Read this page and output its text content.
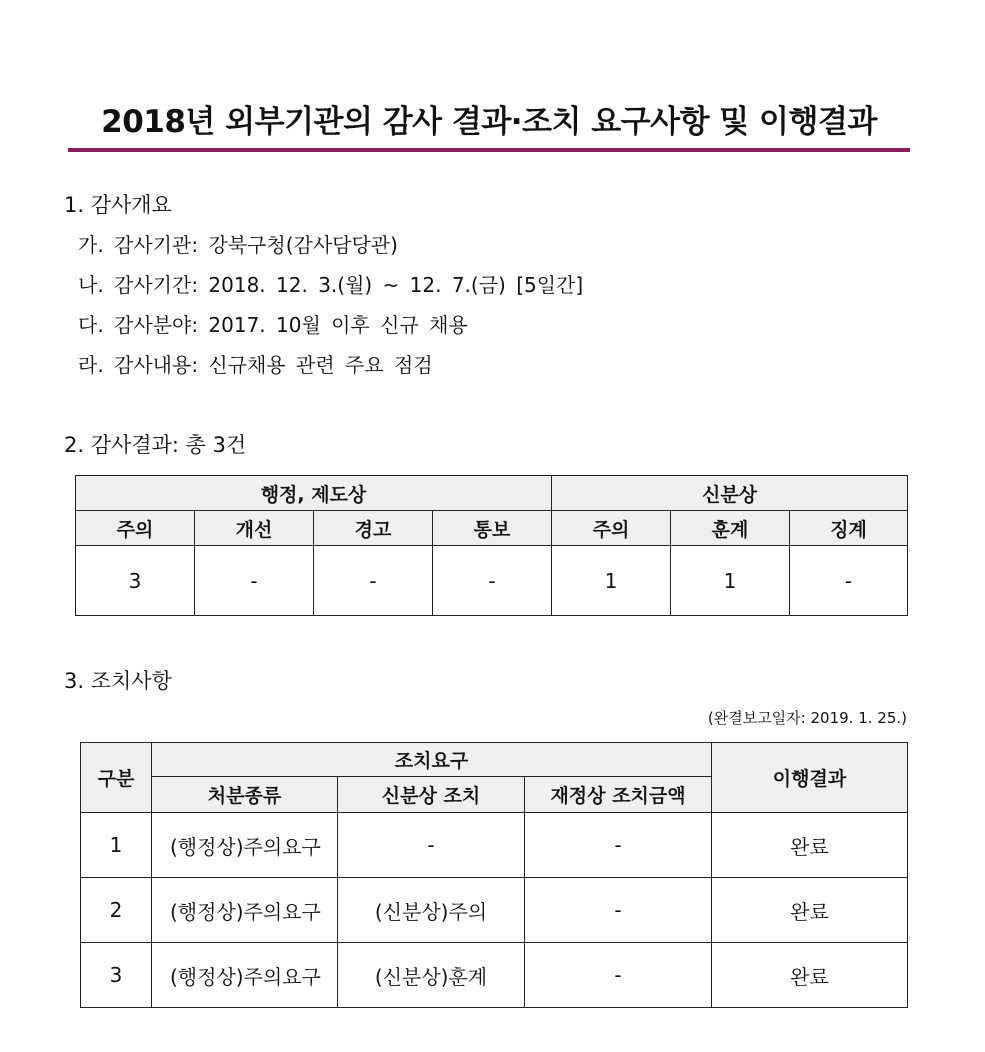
2018년 외부기관의 감사 결과·조치 요구사항 및 이행결과
1. 감사개요
가. 감사기관: 강북구청(감사담당관)
나. 감사기간: 2018. 12. 3.(월) ~ 12. 7.(금) [5일간]
다. 감사분야: 2017. 10월 이후 신규 채용
라. 감사내용: 신규채용 관련 주요 점검
2. 감사결과: 총 3건
행정, 제도상				신분상		
주의	개선	경고	통보	주의	훈계	징계
3	-	-	-	1	1	-
3. 조치사항
(완결보고일자: 2019. 1. 25.)
구분	조치요구			이행결과
	처분종류	신분상 조치	재정상 조치금액	
1	(행정상)주의요구	-	-	완료
2	(행정상)주의요구	(신분상)주의	-	완료
3	(행정상)주의요구	(신분상)훈계	-	완료
